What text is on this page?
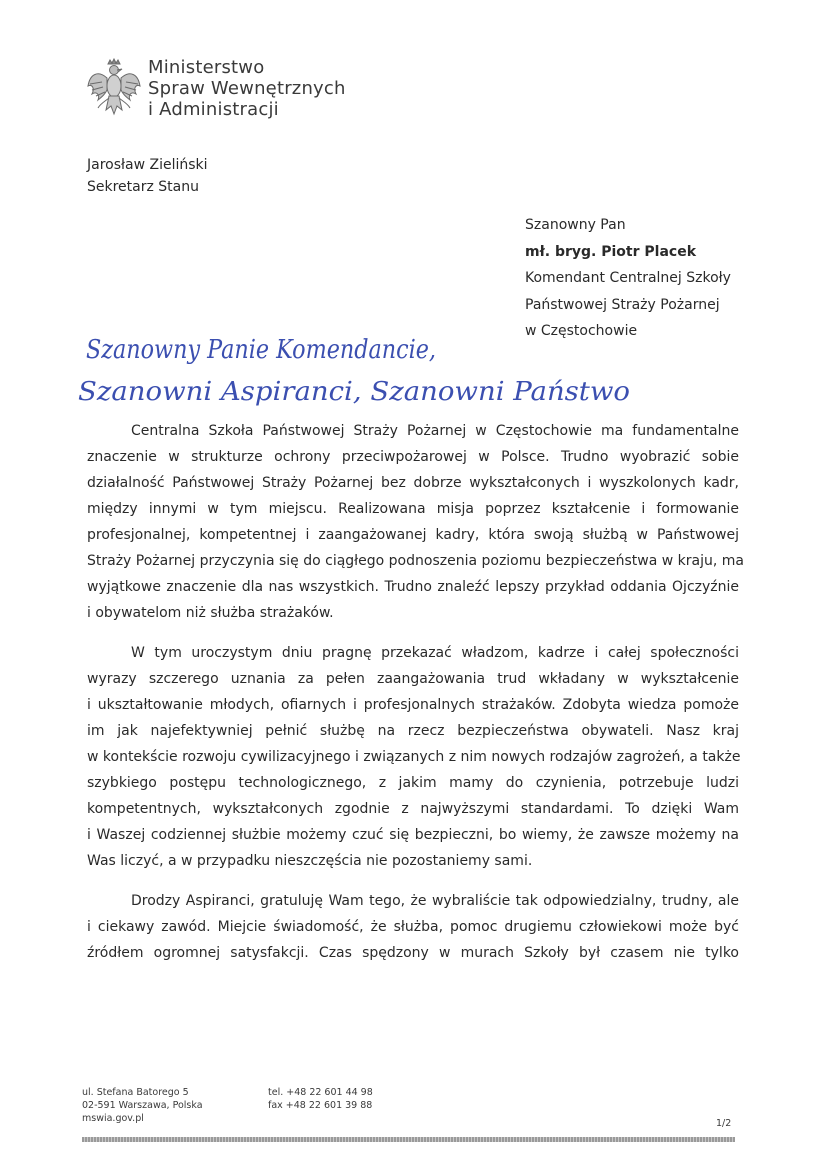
Ministerstwo
Spraw Wewnętrznych
i Administracji
Jarosław Zieliński
Sekretarz Stanu
Szanowny Pan
mł. bryg. Piotr Placek
Komendant Centralnej Szkoły
Państwowej Straży Pożarnej
w Częstochowie
Szanowny Panie Komendancie,
Szanowni Aspiranci, Szanowni Państwo
Centralna Szkoła Państwowej Straży Pożarnej w Częstochowie ma fundamentalne
znaczenie w strukturze ochrony przeciwpożarowej w Polsce. Trudno wyobrazić sobie
działalność Państwowej Straży Pożarnej bez dobrze wykształconych i wyszkolonych kadr,
między innymi w tym miejscu. Realizowana misja poprzez kształcenie i formowanie
profesjonalnej, kompetentnej i zaangażowanej kadry, która swoją służbą w Państwowej
Straży Pożarnej przyczynia się do ciągłego podnoszenia poziomu bezpieczeństwa w kraju, ma
wyjątkowe znaczenie dla nas wszystkich. Trudno znaleźć lepszy przykład oddania Ojczyźnie
i obywatelom niż służba strażaków.
W tym uroczystym dniu pragnę przekazać władzom, kadrze i całej społeczności
wyrazy szczerego uznania za pełen zaangażowania trud wkładany w wykształcenie
i ukształtowanie młodych, ofiarnych i profesjonalnych strażaków. Zdobyta wiedza pomoże
im jak najefektywniej pełnić służbę na rzecz bezpieczeństwa obywateli. Nasz kraj
w kontekście rozwoju cywilizacyjnego i związanych z nim nowych rodzajów zagrożeń, a także
szybkiego postępu technologicznego, z jakim mamy do czynienia, potrzebuje ludzi
kompetentnych, wykształconych zgodnie z najwyższymi standardami. To dzięki Wam
i Waszej codziennej służbie możemy czuć się bezpieczni, bo wiemy, że zawsze możemy na
Was liczyć, a w przypadku nieszczęścia nie pozostaniemy sami.
Drodzy Aspiranci, gratuluję Wam tego, że wybraliście tak odpowiedzialny, trudny, ale
i ciekawy zawód. Miejcie świadomość, że służba, pomoc drugiemu człowiekowi może być
źródłem ogromnej satysfakcji. Czas spędzony w murach Szkoły był czasem nie tylko
ul. Stefana Batorego 5
02-591 Warszawa, Polska
mswia.gov.pl
tel. +48 22 601 44 98
fax +48 22 601 39 88
1/2
